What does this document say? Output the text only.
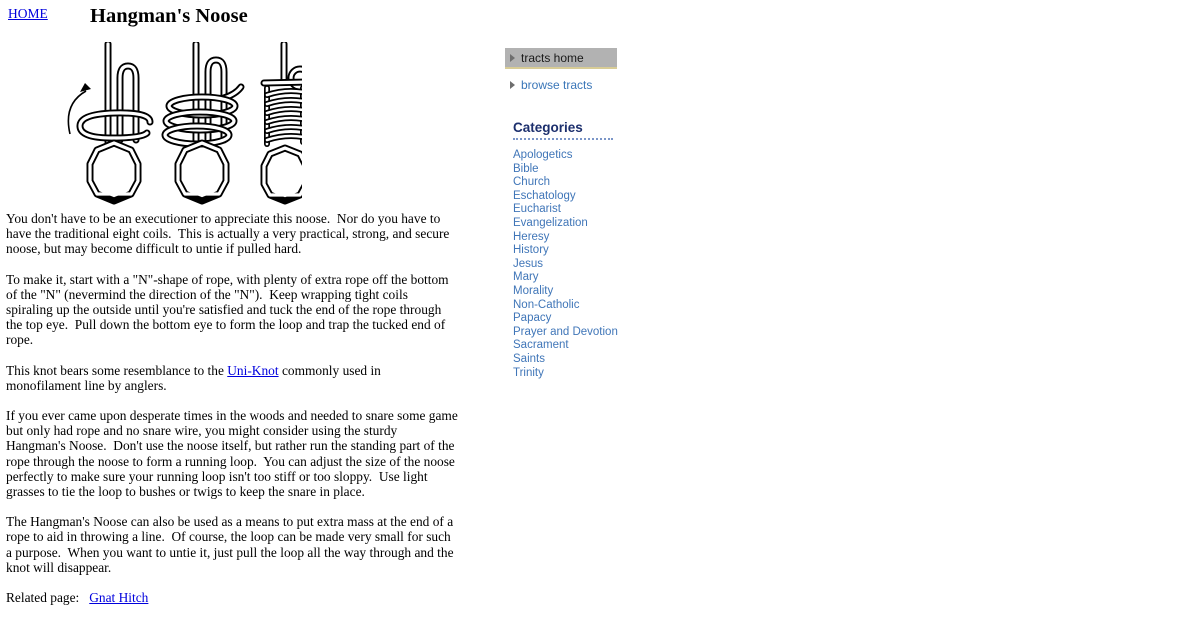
HOME Hangman's Noose

You don't have to be an executioner to appreciate this noose.  Nor do you have to have the traditional eight coils.  This is actually a very practical, strong, and secure noose, but may become difficult to untie if pulled hard.

To make it, start with a "N"-shape of rope, with plenty of extra rope off the bottom of the "N" (nevermind the direction of the "N").  Keep wrapping tight coils spiraling up the outside until you're satisfied and tuck the end of the rope through the top eye.  Pull down the bottom eye to form the loop and trap the tucked end of rope.

This knot bears some resemblance to the Uni-Knot commonly used in monofilament line by anglers.

If you ever came upon desperate times in the woods and needed to snare some game but only had rope and no snare wire, you might consider using the sturdy Hangman's Noose.  Don't use the noose itself, but rather run the standing part of the rope through the noose to form a running loop.  You can adjust the size of the noose perfectly to make sure your running loop isn't too stiff or too sloppy.  Use light grasses to tie the loop to bushes or twigs to keep the snare in place.

The Hangman's Noose can also be used as a means to put extra mass at the end of a rope to aid in throwing a line.  Of course, the loop can be made very small for such a purpose.  When you want to untie it, just pull the loop all the way through and the knot will disappear.

Related page: Gnat Hitch

tracts home
browse tracts
Categories
Apologetics
Bible
Church
Eschatology
Eucharist
Evangelization
Heresy
History
Jesus
Mary
Morality
Non-Catholic
Papacy
Prayer and Devotion
Sacrament
Saints
Trinity
